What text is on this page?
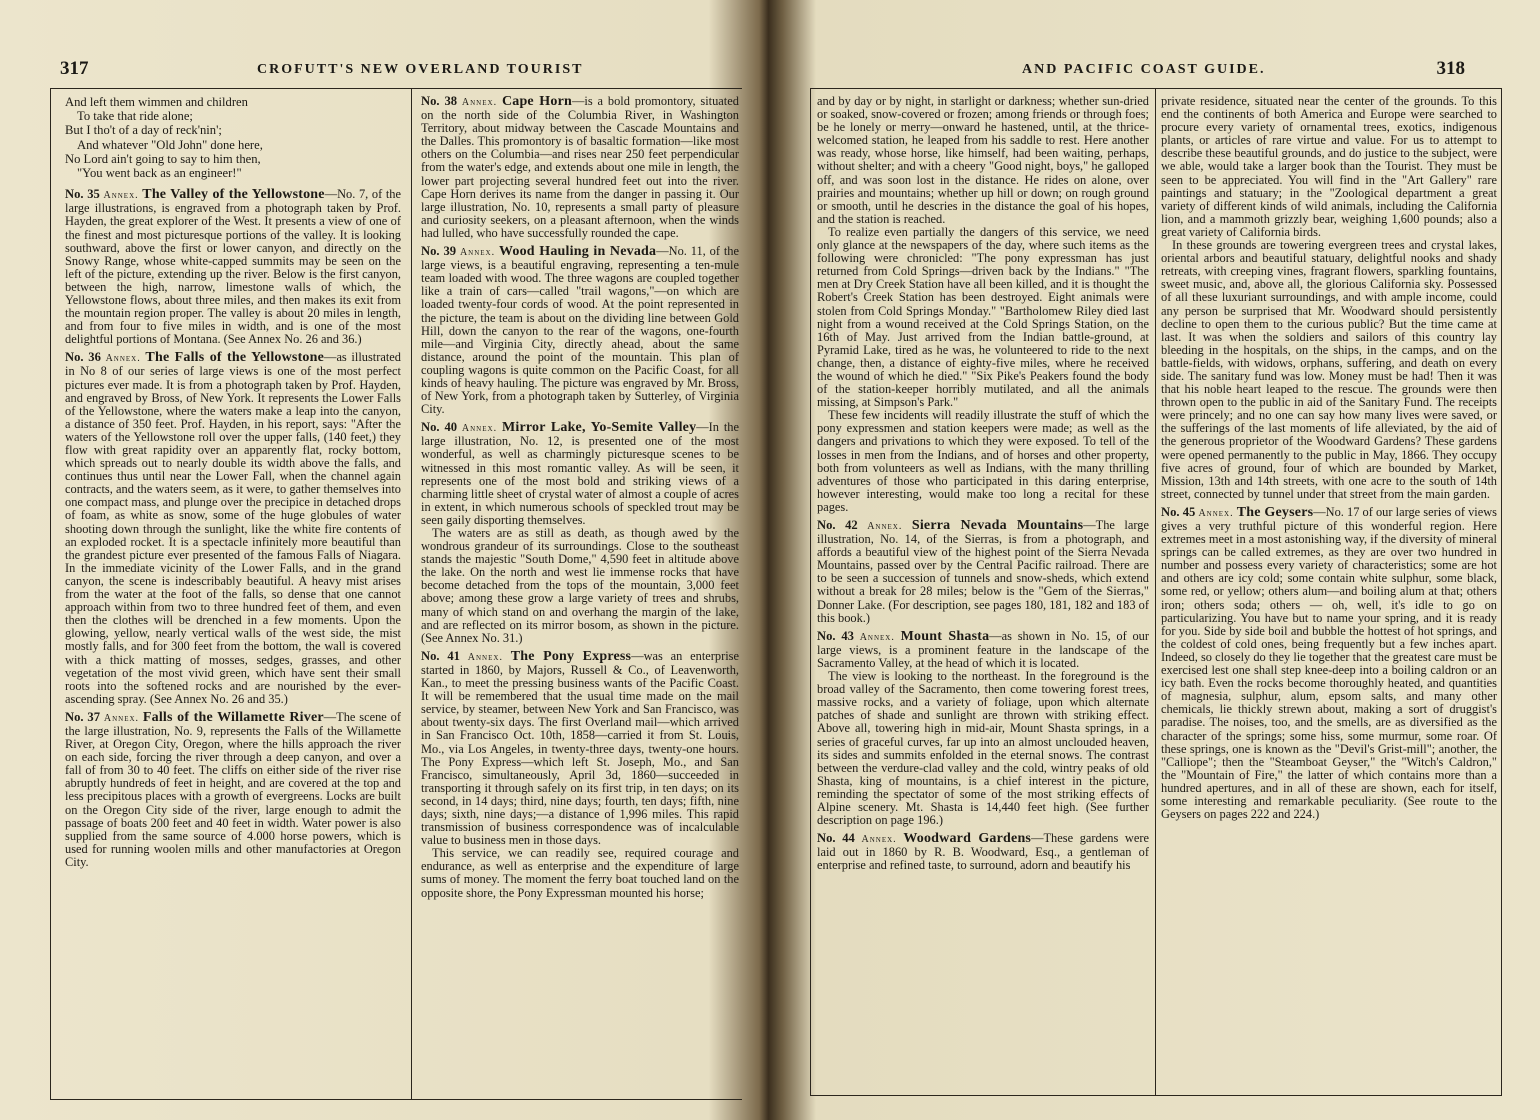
317	CROFUTT'S NEW OVERLAND TOURIST
And left them wimmen and children
To take that ride alone;
But I tho't of a day of reck'nin';
And whatever "Old John" done here,
No Lord ain't going to say to him then,
"You went back as an engineer!"

No. 35 Annex. The Valley of the Yellowstone—No. 7, of the large illustrations, is engraved from a photograph taken by Prof. Hayden, the great explorer of the West. It presents a view of one of the finest and most picturesque portions of the valley. It is looking southward, above the first or lower canyon, and directly on the Snowy Range, whose white-capped summits may be seen on the left of the picture, extending up the river. Below is the first canyon, between the high, narrow, limestone walls of which, the Yellowstone flows, about three miles, and then makes its exit from the mountain region proper. The valley is about 20 miles in length, and from four to five miles in width, and is one of the most delightful portions of Montana. (See Annex No. 26 and 36.)

No. 36 Annex. The Falls of the Yellowstone—as illustrated in No 8 of our series of large views is one of the most perfect pictures ever made. It is from a photograph taken by Prof. Hayden, and engraved by Bross, of New York. It represents the Lower Falls of the Yellowstone, where the waters make a leap into the canyon, a distance of 350 feet. Prof. Hayden, in his report, says: "After the waters of the Yellowstone roll over the upper falls, (140 feet,) they flow with great rapidity over an apparently flat, rocky bottom, which spreads out to nearly double its width above the falls, and continues thus until near the Lower Fall, when the channel again contracts, and the waters seem, as it were, to gather themselves into one compact mass, and plunge over the precipice in detached drops of foam, as white as snow, some of the huge globules of water shooting down through the sunlight, like the white fire contents of an exploded rocket. It is a spectacle infinitely more beautiful than the grandest picture ever presented of the famous Falls of Niagara. In the immediate vicinity of the Lower Falls, and in the grand canyon, the scene is indescribably beautiful. A heavy mist arises from the water at the foot of the falls, so dense that one cannot approach within from two to three hundred feet of them, and even then the clothes will be drenched in a few moments. Upon the glowing, yellow, nearly vertical walls of the west side, the mist mostly falls, and for 300 feet from the bottom, the wall is covered with a thick matting of mosses, sedges, grasses, and other vegetation of the most vivid green, which have sent their small roots into the softened rocks and are nourished by the ever-ascending spray. (See Annex No. 26 and 35.)

No. 37 Annex. Falls of the Willamette River—The scene of the large illustration, No. 9, represents the Falls of the Willamette River, at Oregon City, Oregon, where the hills approach the river on each side, forcing the river through a deep canyon, and over a fall of from 30 to 40 feet. The cliffs on either side of the river rise abruptly hundreds of feet in height, and are covered at the top and less precipitous places with a growth of evergreens. Locks are built on the Oregon City side of the river, large enough to admit the passage of boats 200 feet and 40 feet in width. Water power is also supplied from the same source of 4.000 horse powers, which is used for running woolen mills and other manufactories at Oregon City.

No. 38 Annex. Cape Horn—is a bold promontory, situated on the north side of the Columbia River, in Washington Territory, about midway between the Cascade Mountains and the Dalles. This promontory is of basaltic formation—like most others on the Columbia—and rises near 250 feet perpendicular from the water's edge, and extends about one mile in length, the lower part projecting several hundred feet out into the river. Cape Horn derives its name from the danger in passing it. Our large illustration, No. 10, represents a small party of pleasure and curiosity seekers, on a pleasant afternoon, when the winds had lulled, who have successfully rounded the cape.

No. 39 Annex. Wood Hauling in Nevada—No. 11, of the large views, is a beautiful engraving, representing a ten-mule team loaded with wood. The three wagons are coupled together like a train of cars—called "trail wagons,"—on which are loaded twenty-four cords of wood. At the point represented in the picture, the team is about on the dividing line between Gold Hill, down the canyon to the rear of the wagons, one-fourth mile—and Virginia City, directly ahead, about the same distance, around the point of the mountain. This plan of coupling wagons is quite common on the Pacific Coast, for all kinds of heavy hauling. The picture was engraved by Mr. Bross, of New York, from a photograph taken by Sutterley, of Virginia City.

No. 40 Annex. Mirror Lake, Yo-Semite Valley—In the large illustration, No. 12, is presented one of the most wonderful, as well as charmingly picturesque scenes to be witnessed in this most romantic valley. As will be seen, it represents one of the most bold and striking views of a charming little sheet of crystal water of almost a couple of acres in extent, in which numerous schools of speckled trout may be seen gaily disporting themselves.

The waters are as still as death, as though awed by the wondrous grandeur of its surroundings. Close to the southeast stands the majestic "South Dome," 4,590 feet in altitude above the lake. On the north and west lie immense rocks that have become detached from the tops of the mountain, 3,000 feet above; among these grow a large variety of trees and shrubs, many of which stand on and overhang the margin of the lake, and are reflected on its mirror bosom, as shown in the picture. (See Annex No. 31.)

No. 41 Annex. The Pony Express—was an enterprise started in 1860, by Majors, Russell & Co., of Leavenworth, Kan., to meet the pressing business wants of the Pacific Coast. It will be remembered that the usual time made on the mail service, by steamer, between New York and San Francisco, was about twenty-six days. The first Overland mail—which arrived in San Francisco Oct. 10th, 1858—carried it from St. Louis, Mo., via Los Angeles, in twenty-three days, twenty-one hours. The Pony Express—which left St. Joseph, Mo., and San Francisco, simultaneously, April 3d, 1860—succeeded in transporting it through safely on its first trip, in ten days; on its second, in 14 days; third, nine days; fourth, ten days; fifth, nine days; sixth, nine days;—a distance of 1,996 miles. This rapid transmission of business correspondence was of incalculable value to business men in those days.

This service, we can readily see, required courage and endurance, as well as enterprise and the expenditure of large sums of money. The moment the ferry boat touched land on the opposite shore, the Pony Expressman mounted his horse;

AND PACIFIC COAST GUIDE.	318

and by day or by night, in starlight or darkness; whether sun-dried or soaked, snow-covered or frozen; among friends or through foes; be he lonely or merry—onward he hastened, until, at the thrice-welcomed station, he leaped from his saddle to rest. Here another was ready, whose horse, like himself, had been waiting, perhaps, without shelter; and with a cheery "Good night, boys," he galloped off, and was soon lost in the distance. He rides on alone, over prairies and mountains; whether up hill or down; on rough ground or smooth, until he descries in the distance the goal of his hopes, and the station is reached.

To realize even partially the dangers of this service, we need only glance at the newspapers of the day, where such items as the following were chronicled: "The pony expressman has just returned from Cold Springs—driven back by the Indians." "The men at Dry Creek Station have all been killed, and it is thought the Robert's Creek Station has been destroyed. Eight animals were stolen from Cold Springs Monday." "Bartholomew Riley died last night from a wound received at the Cold Springs Station, on the 16th of May. Just arrived from the Indian battle-ground, at Pyramid Lake, tired as he was, he volunteered to ride to the next change, then, a distance of eighty-five miles, where he received the wound of which he died." "Six Pike's Peakers found the body of the station-keeper horribly mutilated, and all the animals missing, at Simpson's Park."

These few incidents will readily illustrate the stuff of which the pony expressmen and station keepers were made; as well as the dangers and privations to which they were exposed. To tell of the losses in men from the Indians, and of horses and other property, both from volunteers as well as Indians, with the many thrilling adventures of those who participated in this daring enterprise, however interesting, would make too long a recital for these pages.

No. 42 Annex. Sierra Nevada Mountains—The large illustration, No. 14, of the Sierras, is from a photograph, and affords a beautiful view of the highest point of the Sierra Nevada Mountains, passed over by the Central Pacific railroad. There are to be seen a succession of tunnels and snow-sheds, which extend without a break for 28 miles; below is the "Gem of the Sierras," Donner Lake. (For description, see pages 180, 181, 182 and 183 of this book.)

No. 43 Annex. Mount Shasta—as shown in No. 15, of our large views, is a prominent feature in the landscape of the Sacramento Valley, at the head of which it is located.

The view is looking to the northeast. In the foreground is the broad valley of the Sacramento, then come towering forest trees, massive rocks, and a variety of foliage, upon which alternate patches of shade and sunlight are thrown with striking effect. Above all, towering high in mid-air, Mount Shasta springs, in a series of graceful curves, far up into an almost unclouded heaven, its sides and summits enfolded in the eternal snows. The contrast between the verdure-clad valley and the cold, wintry peaks of old Shasta, king of mountains, is a chief interest in the picture, reminding the spectator of some of the most striking effects of Alpine scenery. Mt. Shasta is 14,440 feet high. (See further description on page 196.)

No. 44 Annex. Woodward Gardens—These gardens were laid out in 1860 by R. B. Woodward, Esq., a gentleman of enterprise and refined taste, to surround, adorn and beautify his

private residence, situated near the center of the grounds. To this end the continents of both America and Europe were searched to procure every variety of ornamental trees, exotics, indigenous plants, or articles of rare virtue and value. For us to attempt to describe these beautiful grounds, and do justice to the subject, were we able, would take a larger book than the Tourist. They must be seen to be appreciated. You will find in the "Art Gallery" rare paintings and statuary; in the "Zoological department a great variety of different kinds of wild animals, including the California lion, and a mammoth grizzly bear, weighing 1,600 pounds; also a great variety of California birds.

In these grounds are towering evergreen trees and crystal lakes, oriental arbors and beautiful statuary, delightful nooks and shady retreats, with creeping vines, fragrant flowers, sparkling fountains, sweet music, and, above all, the glorious California sky. Possessed of all these luxuriant surroundings, and with ample income, could any person be surprised that Mr. Woodward should persistently decline to open them to the curious public? But the time came at last. It was when the soldiers and sailors of this country lay bleeding in the hospitals, on the ships, in the camps, and on the battle-fields, with widows, orphans, suffering, and death on every side. The sanitary fund was low. Money must be had! Then it was that his noble heart leaped to the rescue. The grounds were then thrown open to the public in aid of the Sanitary Fund. The receipts were princely; and no one can say how many lives were saved, or the sufferings of the last moments of life alleviated, by the aid of the generous proprietor of the Woodward Gardens? These gardens were opened permanently to the public in May, 1866. They occupy five acres of ground, four of which are bounded by Market, Mission, 13th and 14th streets, with one acre to the south of 14th street, connected by tunnel under that street from the main garden.

No. 45 Annex. The Geysers—No. 17 of our large series of views gives a very truthful picture of this wonderful region. Here extremes meet in a most astonishing way, if the diversity of mineral springs can be called extremes, as they are over two hundred in number and possess every variety of characteristics; some are hot and others are icy cold; some contain white sulphur, some black, some red, or yellow; others alum—and boiling alum at that; others iron; others soda; others — oh, well, it's idle to go on particularizing. You have but to name your spring, and it is ready for you. Side by side boil and bubble the hottest of hot springs, and the coldest of cold ones, being frequently but a few inches apart. Indeed, so closely do they lie together that the greatest care must be exercised lest one shall step knee-deep into a boiling caldron or an icy bath. Even the rocks become thoroughly heated, and quantities of magnesia, sulphur, alum, epsom salts, and many other chemicals, lie thickly strewn about, making a sort of druggist's paradise. The noises, too, and the smells, are as diversified as the character of the springs; some hiss, some murmur, some roar. Of these springs, one is known as the "Devil's Grist-mill"; another, the "Calliope"; then the "Steamboat Geyser," the "Witch's Caldron," the "Mountain of Fire," the latter of which contains more than a hundred apertures, and in all of these are shown, each for itself, some interesting and remarkable peculiarity. (See route to the Geysers on pages 222 and 224.)
